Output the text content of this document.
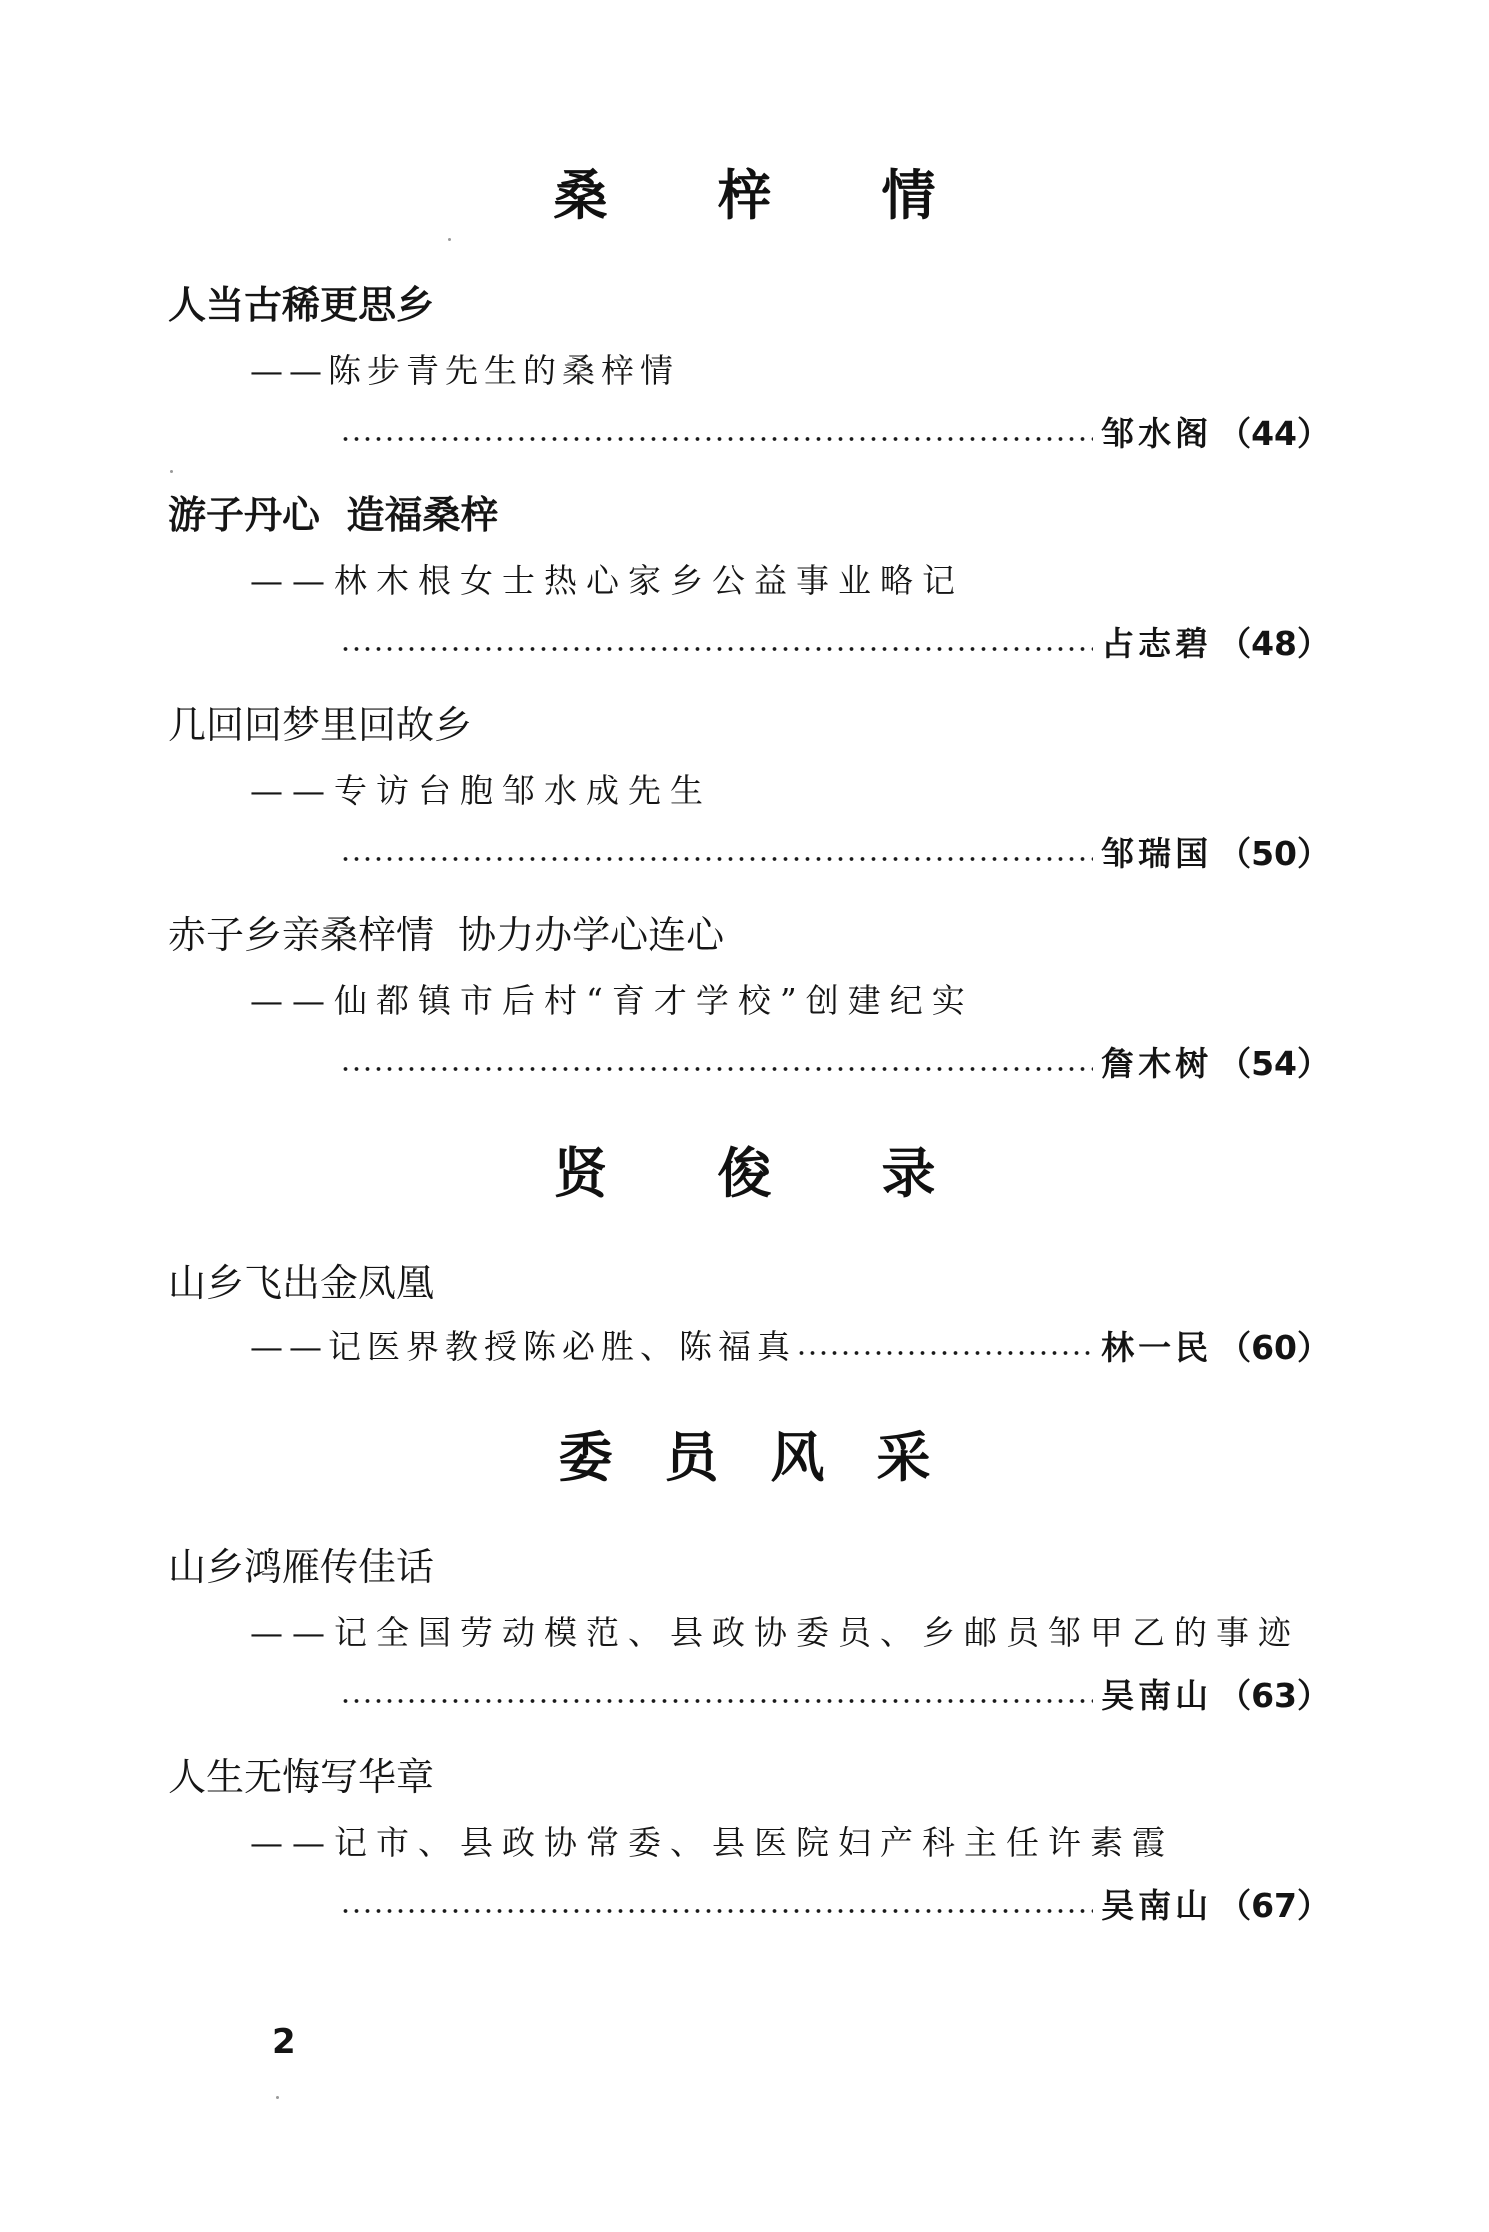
桑梓情
人当古稀更思乡
——陈步青先生的桑梓情
邹水阁 （44）
游子丹心  造福桑梓
——林木根女士热心家乡公益事业略记
占志碧 （48）
几回回梦里回故乡
——专访台胞邹水成先生
邹瑞国 （50）
赤子乡亲桑梓情  协力办学心连心
——仙都镇市后村“育才学校”创建纪实
詹木树 （54）
贤俊录
山乡飞出金凤凰
——记医界教授陈必胜、陈福真	林一民 （60）
委员风采
山乡鸿雁传佳话
——记全国劳动模范、县政协委员、乡邮员邹甲乙的事迹
吴南山 （63）
人生无悔写华章
——记市、县政协常委、县医院妇产科主任许素霞
吴南山 （67）
2
